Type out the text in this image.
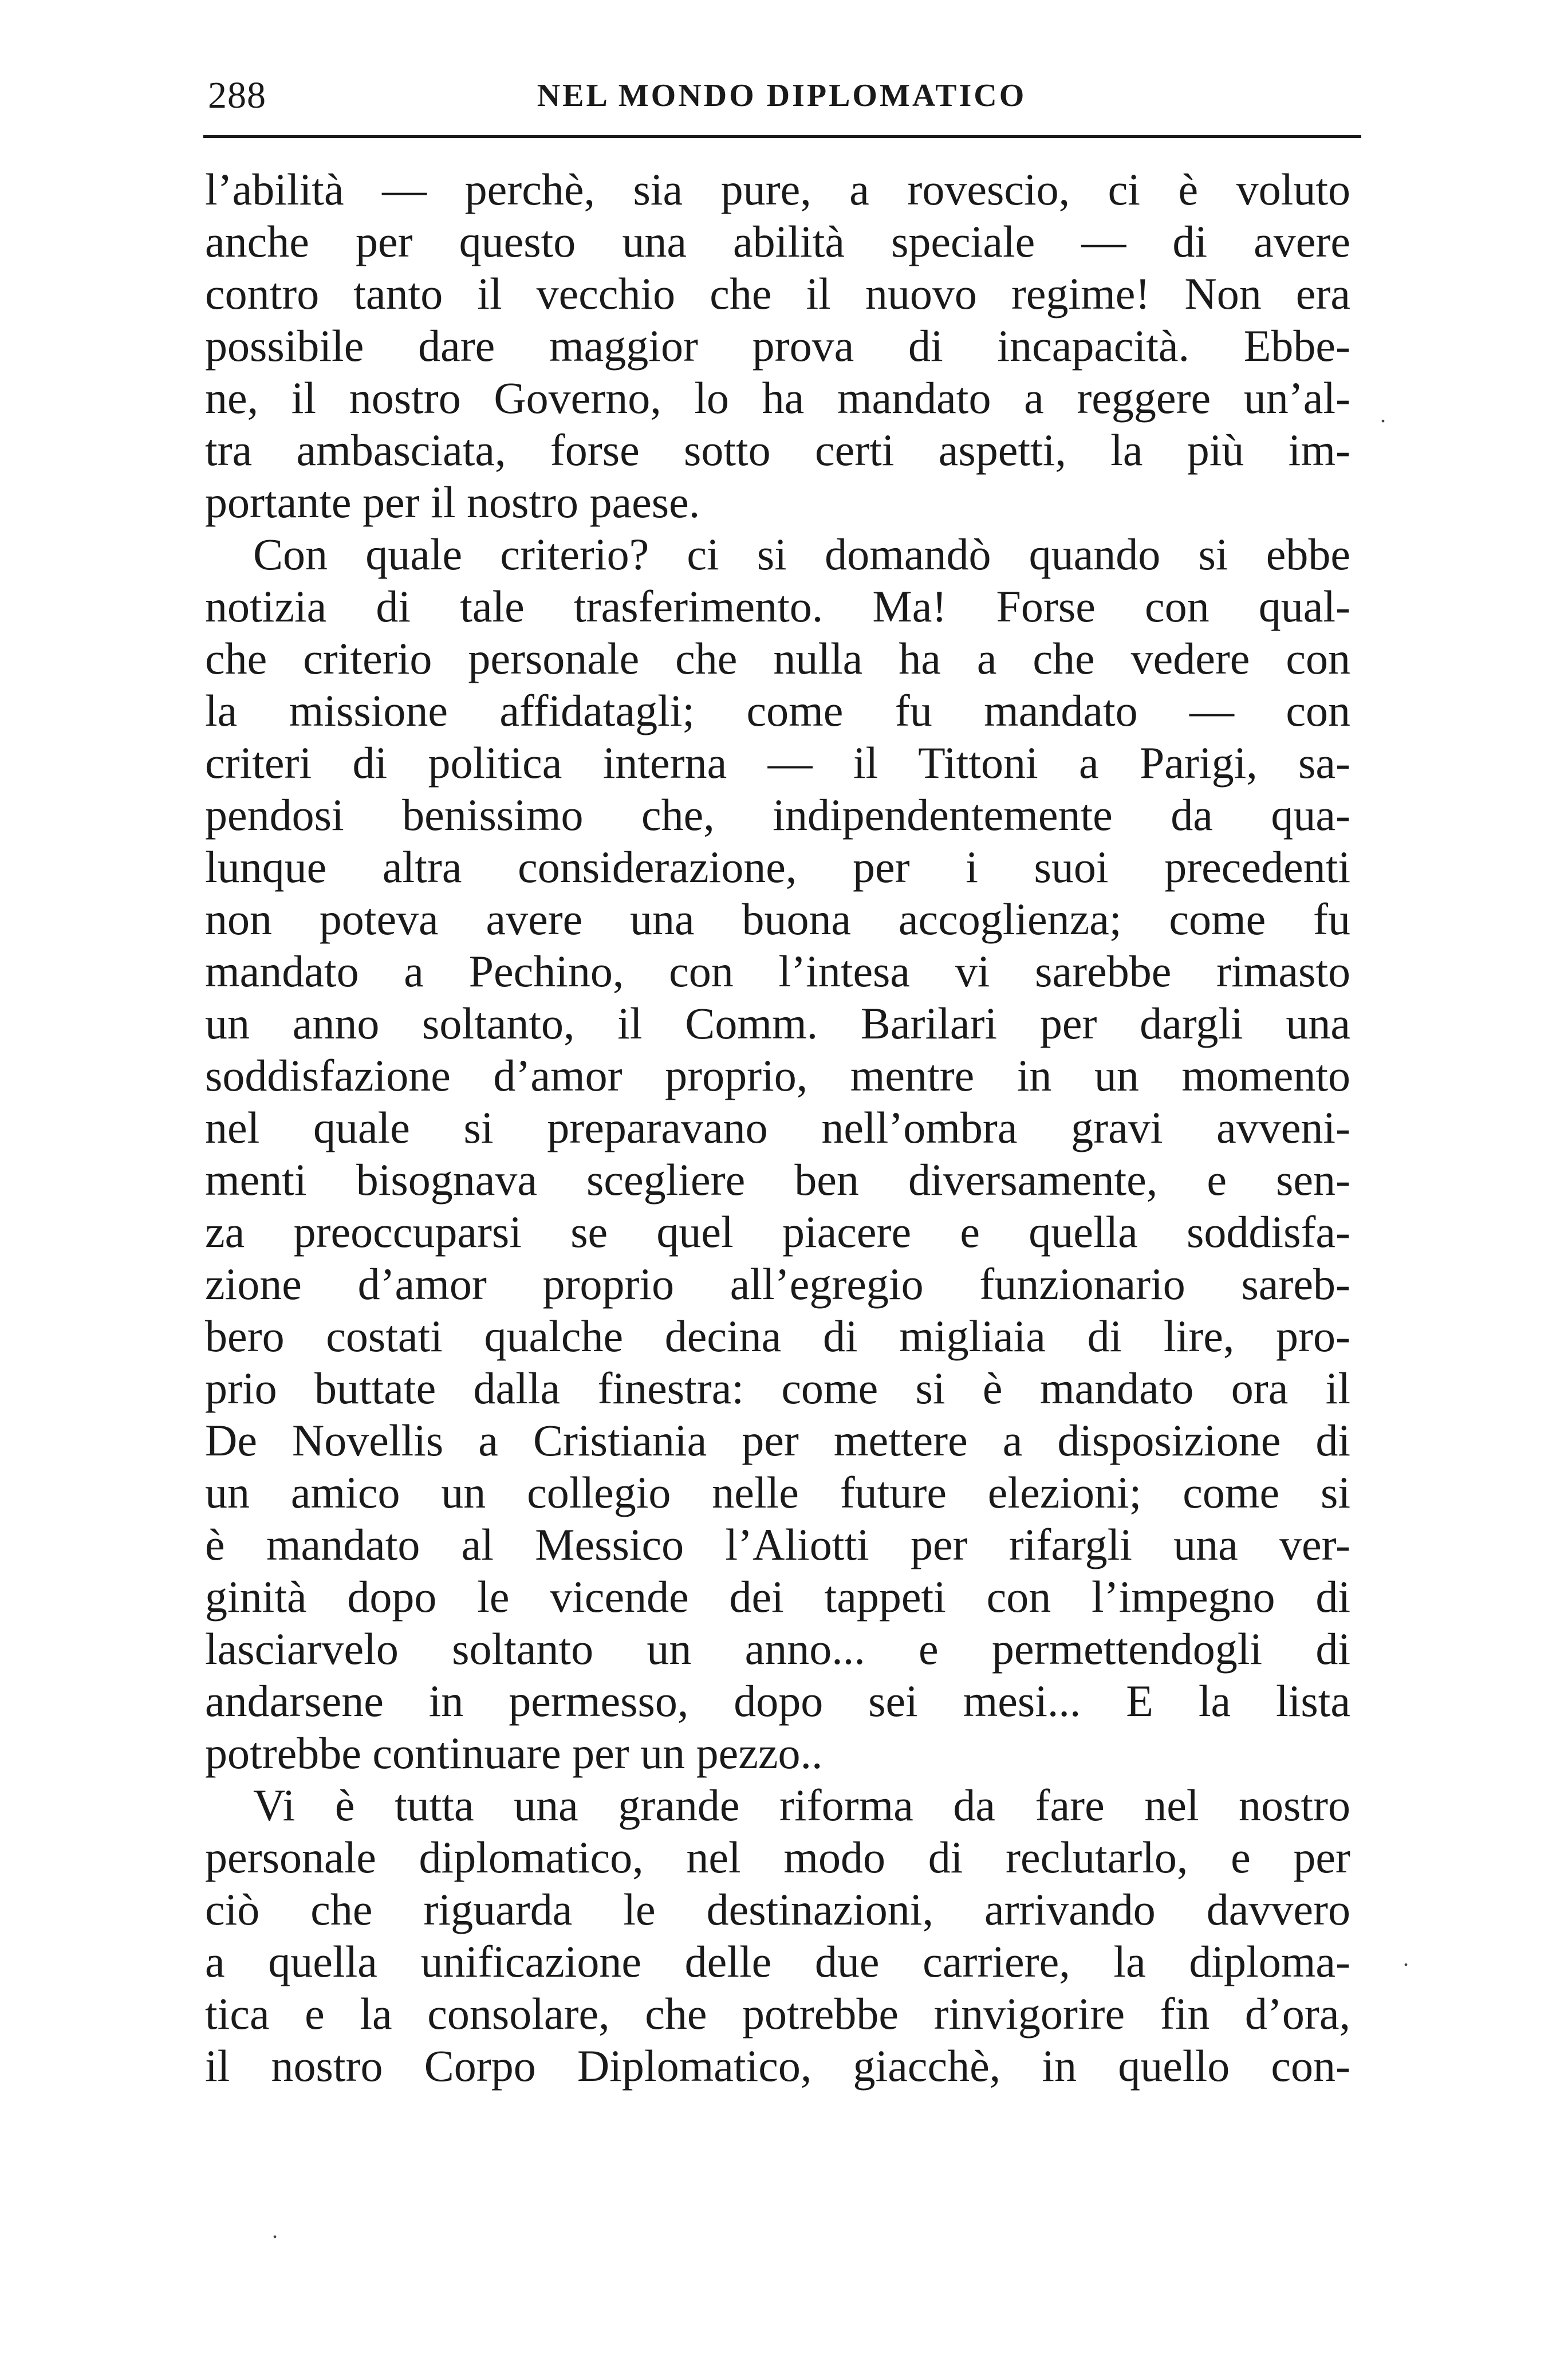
288	NEL MONDO DIPLOMATICO
l’abilità — perchè, sia pure, a rovescio, ci è voluto
anche per questo una abilità speciale — di avere
contro tanto il vecchio che il nuovo regime! Non era
possibile dare maggior prova di incapacità. Ebbe-
ne, il nostro Governo, lo ha mandato a reggere un’al-
tra ambasciata, forse sotto certi aspetti, la più im-
portante per il nostro paese.
Con quale criterio? ci si domandò quando si ebbe
notizia di tale trasferimento. Ma! Forse con qual-
che criterio personale che nulla ha a che vedere con
la missione affidatagli; come fu mandato — con
criteri di politica interna — il Tittoni a Parigi, sa-
pendosi benissimo che, indipendentemente da qua-
lunque altra considerazione, per i suoi precedenti
non poteva avere una buona accoglienza; come fu
mandato a Pechino, con l’intesa vi sarebbe rimasto
un anno soltanto, il Comm. Barilari per dargli una
soddisfazione d’amor proprio, mentre in un momento
nel quale si preparavano nell’ombra gravi avveni-
menti bisognava scegliere ben diversamente, e sen-
za preoccuparsi se quel piacere e quella soddisfa-
zione d’amor proprio all’egregio funzionario sareb-
bero costati qualche decina di migliaia di lire, pro-
prio buttate dalla finestra: come si è mandato ora il
De Novellis a Cristiania per mettere a disposizione di
un amico un collegio nelle future elezioni; come si
è mandato al Messico l’Aliotti per rifargli una ver-
ginità dopo le vicende dei tappeti con l’impegno di
lasciarvelo soltanto un anno... e permettendogli di
andarsene in permesso, dopo sei mesi... E la lista
potrebbe continuare per un pezzo..
Vi è tutta una grande riforma da fare nel nostro
personale diplomatico, nel modo di reclutarlo, e per
ciò che riguarda le destinazioni, arrivando davvero
a quella unificazione delle due carriere, la diploma-
tica e la consolare, che potrebbe rinvigorire fin d’ora,
il nostro Corpo Diplomatico, giacchè, in quello con-
.
.
.
